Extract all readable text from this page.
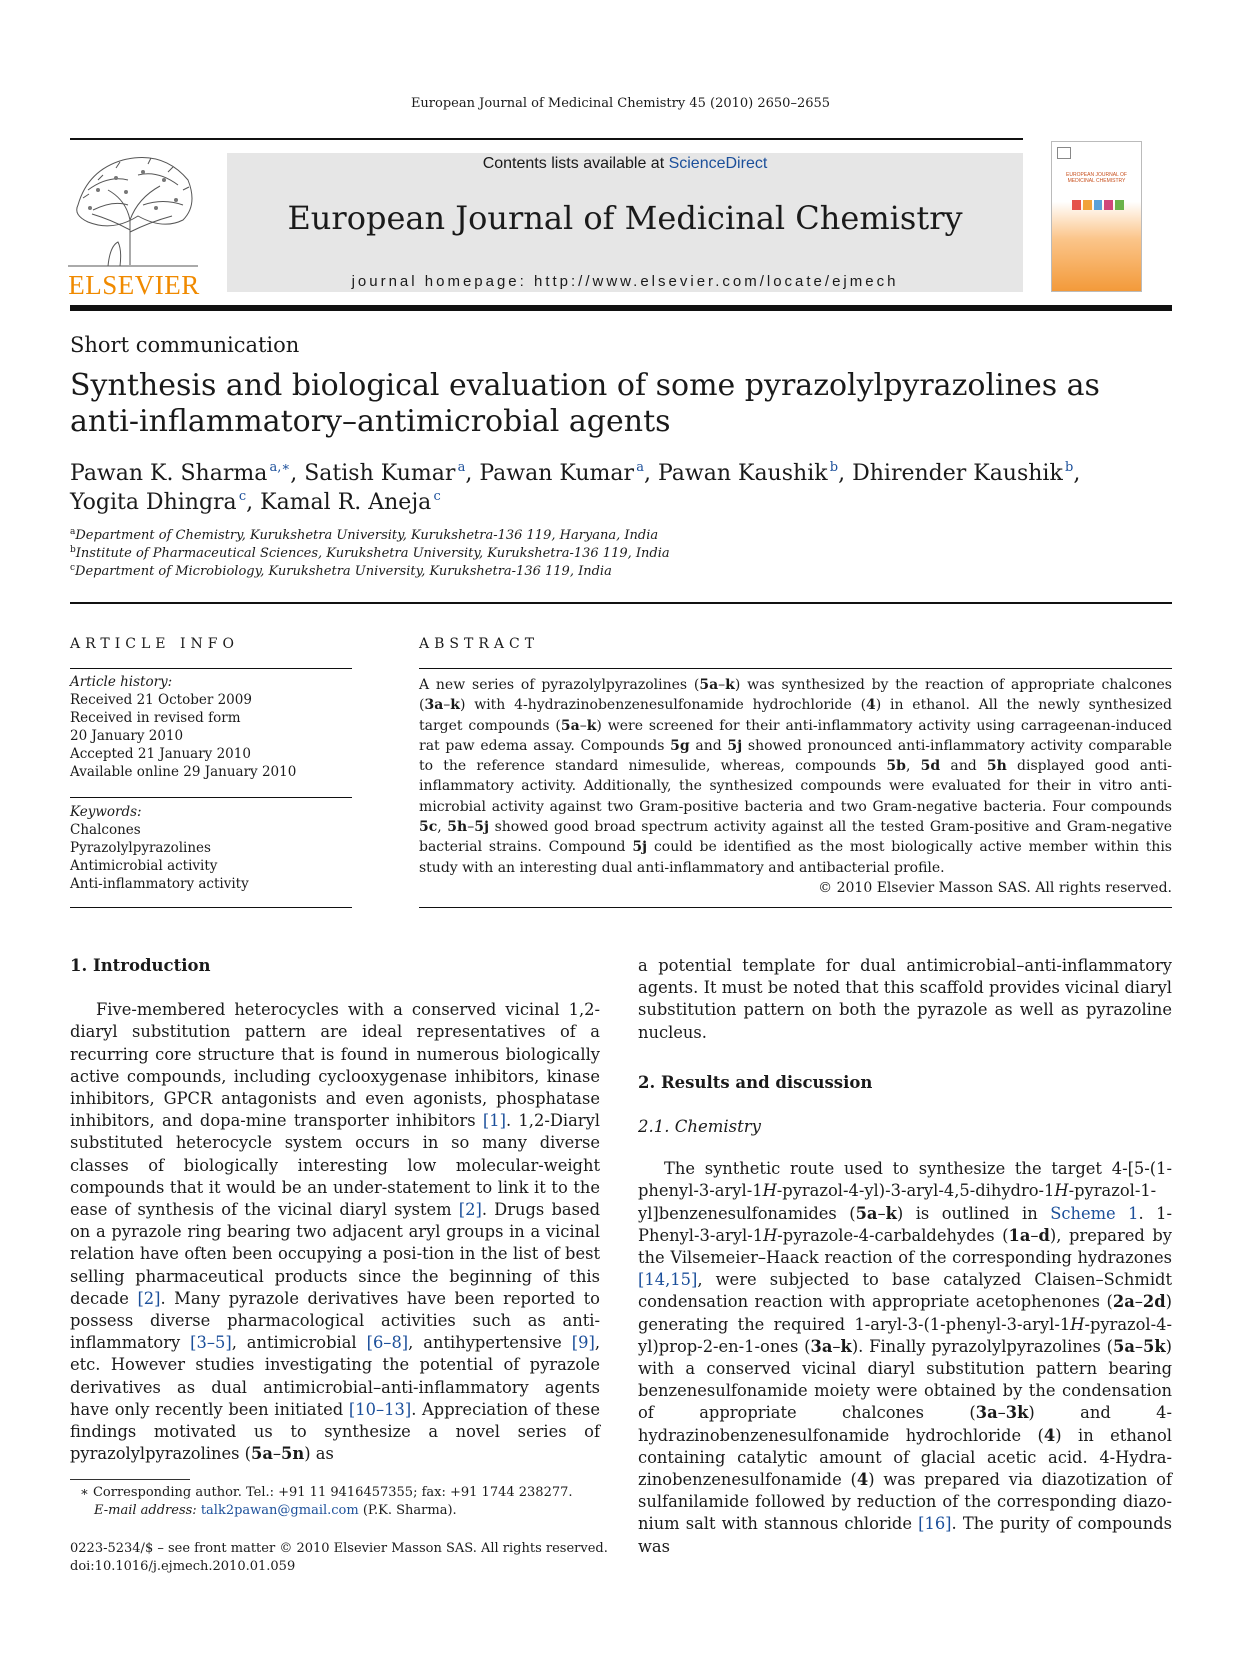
European Journal of Medicinal Chemistry 45 (2010) 2650–2655
ELSEVIER
Contents lists available at ScienceDirect
European Journal of Medicinal Chemistry
journal homepage: http://www.elsevier.com/locate/ejmech
EUROPEAN JOURNAL OF MEDICINAL CHEMISTRY
Short communication
Synthesis and biological evaluation of some pyrazolylpyrazolines as anti-inflammatory–antimicrobial agents
Pawan K. Sharma  $^{a,∗}$, Satish Kumar  $^a$, Pawan Kumar  $^a$, Pawan Kaushik  $^b$, Dhirender Kaushik  $^b$,
Yogita Dhingra  $^c$, Kamal R. Aneja  $^c$
$^a$Department of Chemistry, Kurukshetra University, Kurukshetra-136 119, Haryana, India
$^b$Institute of Pharmaceutical Sciences, Kurukshetra University, Kurukshetra-136 119, India
$^c$Department of Microbiology, Kurukshetra University, Kurukshetra-136 119, India
ARTICLE INFO
Article history:
Received 21 October 2009
Received in revised form
20 January 2010
Accepted 21 January 2010
Available online 29 January 2010
Keywords:
Chalcones
Pyrazolylpyrazolines
Antimicrobial activity
Anti-inflammatory activity
ABSTRACT
A new series of pyrazolylpyrazolines (5a–k) was synthesized by the reaction of appropriate chalcones (3a–k) with 4-hydrazinobenzenesulfonamide hydrochloride (4) in ethanol. All the newly synthesized target compounds (5a–k) were screened for their anti-inflammatory activity using carrageenan-induced rat paw edema assay. Compounds 5g and 5j showed pronounced anti-inflammatory activity comparable to the reference standard nimesulide, whereas, compounds 5b, 5d and 5h displayed good anti-inflammatory activity. Additionally, the synthesized compounds were evaluated for their in vitro anti-microbial activity against two Gram-positive bacteria and two Gram-negative bacteria. Four compounds 5c, 5h–5j showed good broad spectrum activity against all the tested Gram-positive and Gram-negative bacterial strains. Compound 5j could be identified as the most biologically active member within this study with an interesting dual anti-inflammatory and antibacterial profile.
© 2010 Elsevier Masson SAS. All rights reserved.

1. Introduction

Five-membered heterocycles with a conserved vicinal 1,2-diaryl substitution pattern are ideal representatives of a recurring core structure that is found in numerous biologically active compounds, including cyclooxygenase inhibitors, kinase inhibitors, GPCR antagonists and even agonists, phosphatase inhibitors, and dopa-mine transporter inhibitors [1]. 1,2-Diaryl substituted heterocycle system occurs in so many diverse classes of biologically interesting low molecular-weight compounds that it would be an under-statement to link it to the ease of synthesis of the vicinal diaryl system [2]. Drugs based on a pyrazole ring bearing two adjacent aryl groups in a vicinal relation have often been occupying a posi-tion in the list of best selling pharmaceutical products since the beginning of this decade [2]. Many pyrazole derivatives have been reported to possess diverse pharmacological activities such as anti-inflammatory [3–5], antimicrobial [6–8], antihypertensive [9], etc. However studies investigating the potential of pyrazole derivatives as dual antimicrobial–anti-inflammatory agents have only recently been initiated [10–13]. Appreciation of these findings motivated us to synthesize a novel series of pyrazolylpyrazolines (5a–5n) as

a potential template for dual antimicrobial–anti-inflammatory agents. It must be noted that this scaffold provides vicinal diaryl substitution pattern on both the pyrazole as well as pyrazoline nucleus.

2. Results and discussion

2.1. Chemistry

The synthetic route used to synthesize the target 4-[5-(1-phenyl-3-aryl-1H-pyrazol-4-yl)-3-aryl-4,5-dihydro-1H-pyrazol-1-yl]benzenesulfonamides (5a–k) is outlined in Scheme 1. 1-Phenyl-3-aryl-1H-pyrazole-4-carbaldehydes (1a–d), prepared by the Vilsemeier–Haack reaction of the corresponding hydrazones [14,15], were subjected to base catalyzed Claisen–Schmidt condensation reaction with appropriate acetophenones (2a–2d) generating the required 1-aryl-3-(1-phenyl-3-aryl-1H-pyrazol-4-yl)prop-2-en-1-ones (3a–k). Finally pyrazolylpyrazolines (5a–5k) with a conserved vicinal diaryl substitution pattern bearing benzenesulfonamide moiety were obtained by the condensation of appropriate chalcones (3a–3k) and 4-hydrazinobenzenesulfonamide hydrochloride (4) in ethanol containing catalytic amount of glacial acetic acid. 4-Hydra-zinobenzenesulfonamide (4) was prepared via diazotization of sulfanilamide followed by reduction of the corresponding diazo-nium salt with stannous chloride [16]. The purity of compounds was

∗ Corresponding author. Tel.: +91 11 9416457355; fax: +91 1744 238277.
E-mail address: talk2pawan@gmail.com (P.K. Sharma).
0223-5234/$ – see front matter © 2010 Elsevier Masson SAS. All rights reserved.
doi:10.1016/j.ejmech.2010.01.059
